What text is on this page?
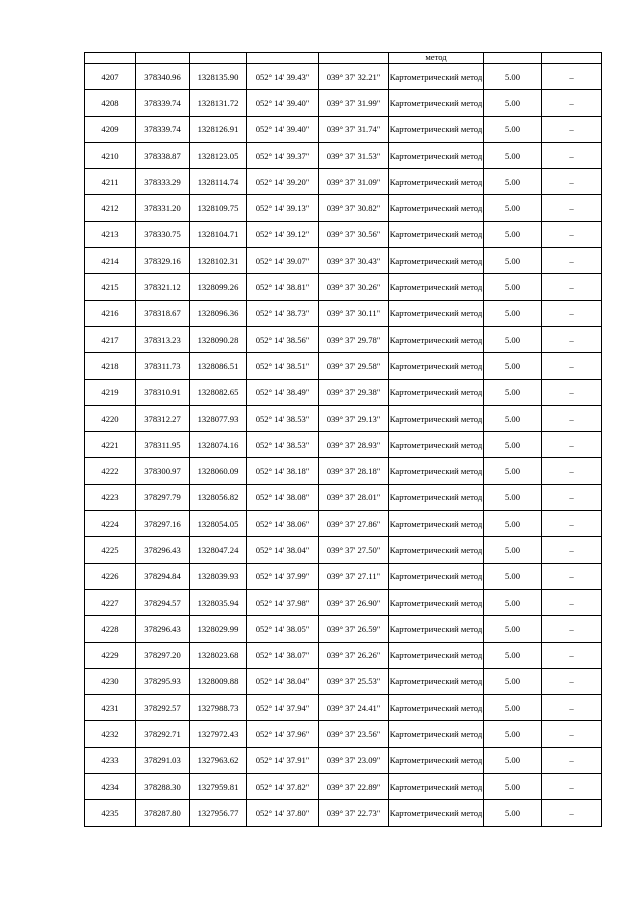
					метод		

4207	378340.96	1328135.90	052° 14' 39.43"	039° 37' 32.21"	Картометрический метод	5.00	–
4208	378339.74	1328131.72	052° 14' 39.40"	039° 37' 31.99"	Картометрический метод	5.00	–
4209	378339.74	1328126.91	052° 14' 39.40"	039° 37' 31.74"	Картометрический метод	5.00	–
4210	378338.87	1328123.05	052° 14' 39.37"	039° 37' 31.53"	Картометрический метод	5.00	–
4211	378333.29	1328114.74	052° 14' 39.20"	039° 37' 31.09"	Картометрический метод	5.00	–
4212	378331.20	1328109.75	052° 14' 39.13"	039° 37' 30.82"	Картометрический метод	5.00	–
4213	378330.75	1328104.71	052° 14' 39.12"	039° 37' 30.56"	Картометрический метод	5.00	–
4214	378329.16	1328102.31	052° 14' 39.07"	039° 37' 30.43"	Картометрический метод	5.00	–
4215	378321.12	1328099.26	052° 14' 38.81"	039° 37' 30.26"	Картометрический метод	5.00	–
4216	378318.67	1328096.36	052° 14' 38.73"	039° 37' 30.11"	Картометрический метод	5.00	–
4217	378313.23	1328090.28	052° 14' 38.56"	039° 37' 29.78"	Картометрический метод	5.00	–
4218	378311.73	1328086.51	052° 14' 38.51"	039° 37' 29.58"	Картометрический метод	5.00	–
4219	378310.91	1328082.65	052° 14' 38.49"	039° 37' 29.38"	Картометрический метод	5.00	–
4220	378312.27	1328077.93	052° 14' 38.53"	039° 37' 29.13"	Картометрический метод	5.00	–
4221	378311.95	1328074.16	052° 14' 38.53"	039° 37' 28.93"	Картометрический метод	5.00	–
4222	378300.97	1328060.09	052° 14' 38.18"	039° 37' 28.18"	Картометрический метод	5.00	–
4223	378297.79	1328056.82	052° 14' 38.08"	039° 37' 28.01"	Картометрический метод	5.00	–
4224	378297.16	1328054.05	052° 14' 38.06"	039° 37' 27.86"	Картометрический метод	5.00	–
4225	378296.43	1328047.24	052° 14' 38.04"	039° 37' 27.50"	Картометрический метод	5.00	–
4226	378294.84	1328039.93	052° 14' 37.99"	039° 37' 27.11"	Картометрический метод	5.00	–
4227	378294.57	1328035.94	052° 14' 37.98"	039° 37' 26.90"	Картометрический метод	5.00	–
4228	378296.43	1328029.99	052° 14' 38.05"	039° 37' 26.59"	Картометрический метод	5.00	–
4229	378297.20	1328023.68	052° 14' 38.07"	039° 37' 26.26"	Картометрический метод	5.00	–
4230	378295.93	1328009.88	052° 14' 38.04"	039° 37' 25.53"	Картометрический метод	5.00	–
4231	378292.57	1327988.73	052° 14' 37.94"	039° 37' 24.41"	Картометрический метод	5.00	–
4232	378292.71	1327972.43	052° 14' 37.96"	039° 37' 23.56"	Картометрический метод	5.00	–
4233	378291.03	1327963.62	052° 14' 37.91"	039° 37' 23.09"	Картометрический метод	5.00	–
4234	378288.30	1327959.81	052° 14' 37.82"	039° 37' 22.89"	Картометрический метод	5.00	–
4235	378287.80	1327956.77	052° 14' 37.80"	039° 37' 22.73"	Картометрический метод	5.00	–
